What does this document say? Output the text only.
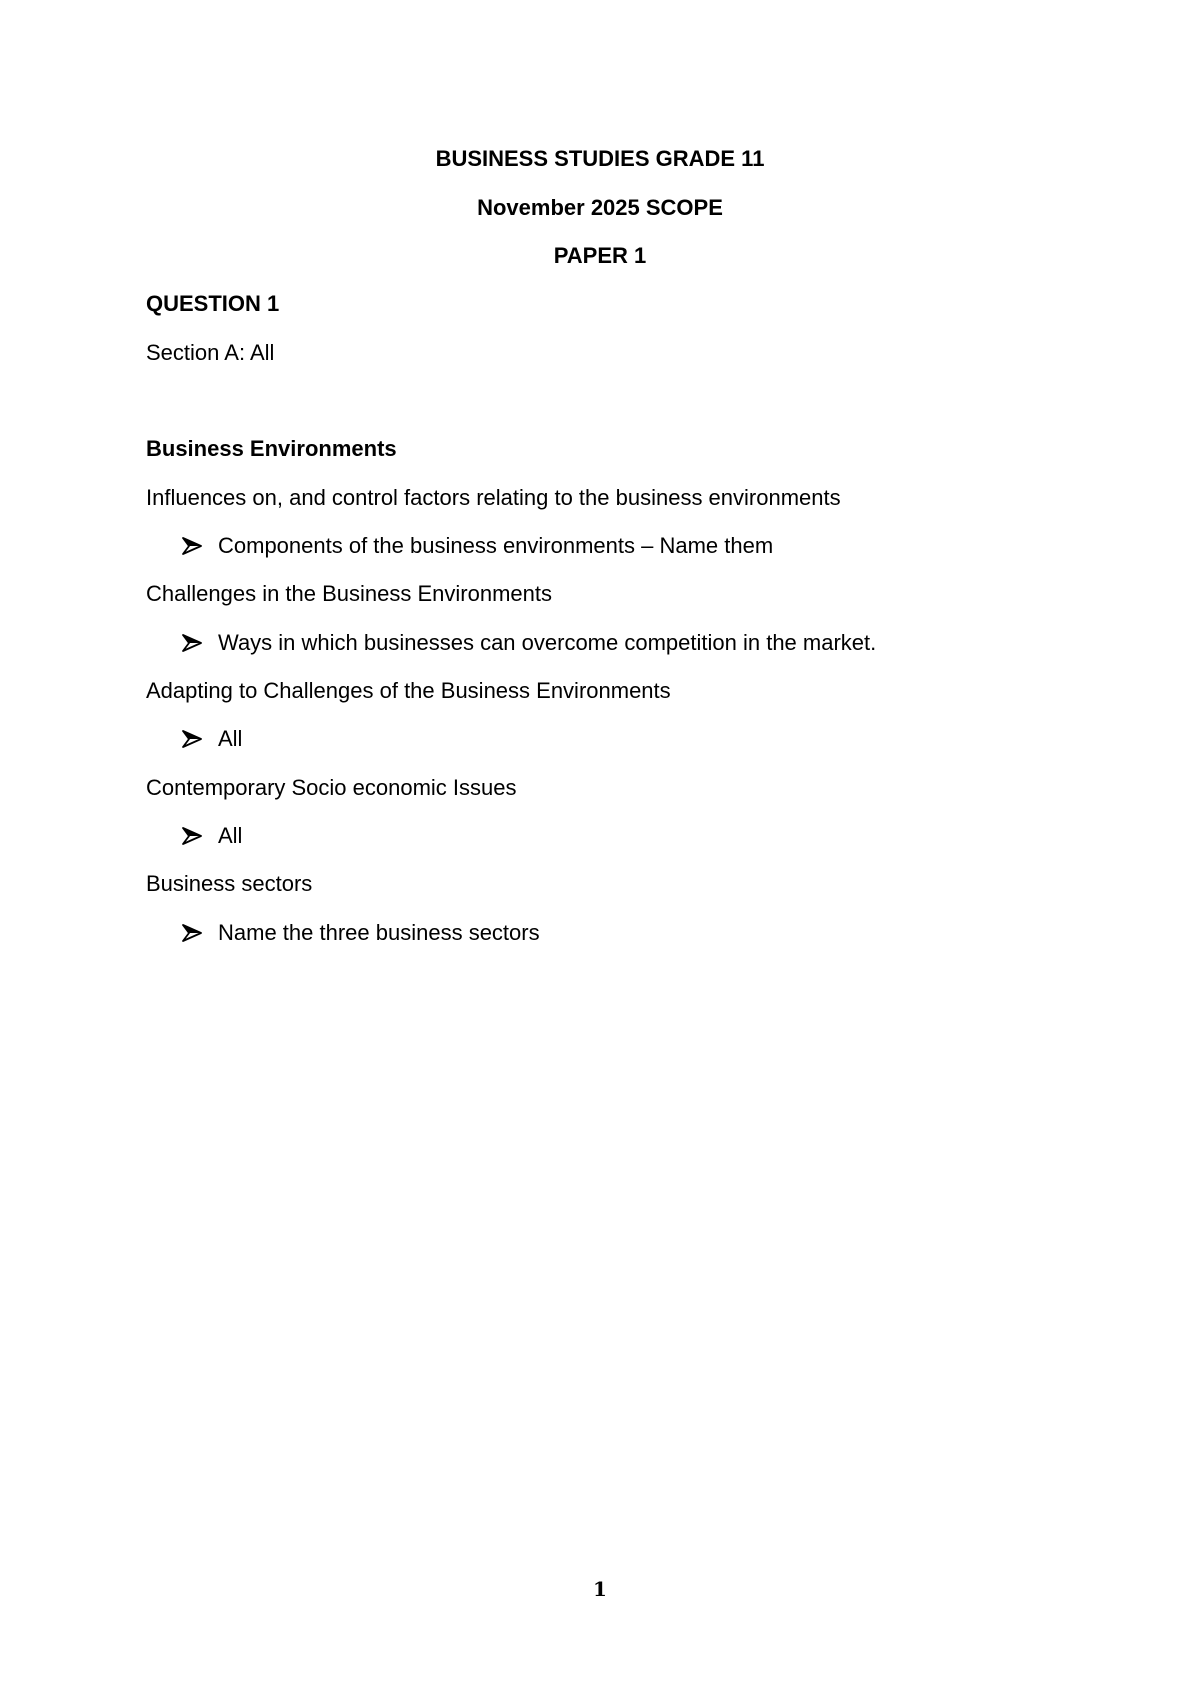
BUSINESS STUDIES GRADE 11
November 2025 SCOPE
PAPER 1
QUESTION 1
Section A: All
Business Environments
Influences on, and control factors relating to the business environments
Components of the business environments – Name them
Challenges in the Business Environments
Ways in which businesses can overcome competition in the market.
Adapting to Challenges of the Business Environments
All
Contemporary Socio economic Issues
All
Business sectors
Name the three business sectors
1
